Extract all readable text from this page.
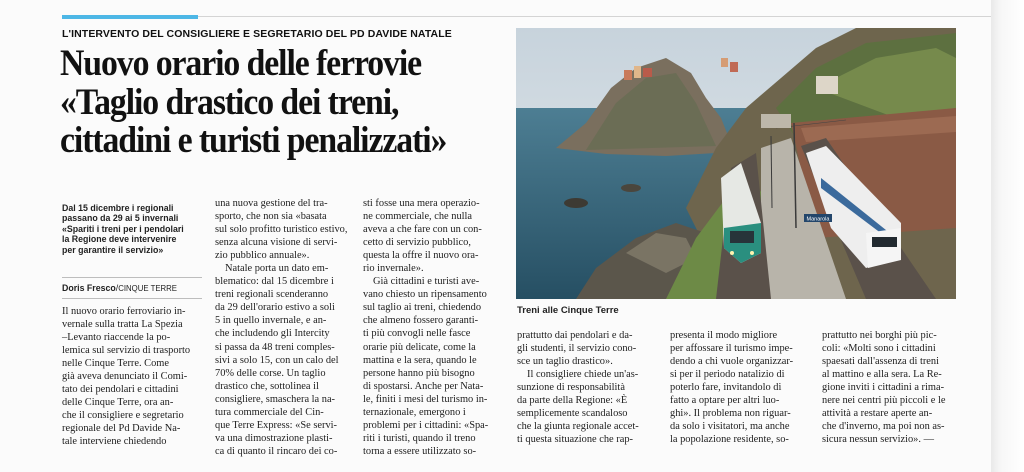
L'INTERVENTO DEL CONSIGLIERE E SEGRETARIO DEL PD DAVIDE NATALE
Nuovo orario delle ferrovie
«Taglio drastico dei treni,
cittadini e turisti penalizzati»
Dal 15 dicembre i regionali
passano da 29 ai 5 invernali
«Spariti i treni per i pendolari
la Regione deve intervenire
per garantire il servizio»
Doris Fresco/CINQUE TERRE
Il nuovo orario ferroviario in-
vernale sulla tratta La Spezia
–Levanto riaccende la po-
lemica sul servizio di trasporto
nelle Cinque Terre. Come
già aveva denunciato il Comi-
tato dei pendolari e cittadini
delle Cinque Terre, ora an-
che il consigliere e segretario
regionale del Pd Davide Na-
tale interviene chiedendo
una nuova gestione del tra-
sporto, che non sia «basata
sul solo profitto turistico estivo,
senza alcuna visione di servi-
zio pubblico annuale».
Natale porta un dato em-
blematico: dal 15 dicembre i
treni regionali scenderanno
da 29 dell'orario estivo a soli
5 in quello invernale, e an-
che includendo gli Intercity
si passa da 48 treni comples-
sivi a solo 15, con un calo del
70% delle corse. Un taglio
drastico che, sottolinea il
consigliere, smaschera la na-
tura commerciale del Cin-
que Terre Express: «Se servi-
va una dimostrazione plasti-
ca di quanto il rincaro dei co-
sti fosse una mera operazio-
ne commerciale, che nulla
aveva a che fare con un con-
cetto di servizio pubblico,
questa la offre il nuovo ora-
rio invernale».
Già cittadini e turisti ave-
vano chiesto un ripensamento
sul taglio ai treni, chiedendo
che almeno fossero garanti-
ti più convogli nelle fasce
orarie più delicate, come la
mattina e la sera, quando le
persone hanno più bisogno
di spostarsi. Anche per Nata-
le, finiti i mesi del turismo in-
ternazionale, emergono i
problemi per i cittadini: «Spa-
riti i turisti, quando il treno
torna a essere utilizzato so-
Manarola
Treni alle Cinque Terre
prattutto dai pendolari e da-
gli studenti, il servizio cono-
sce un taglio drastico».
Il consigliere chiede un'as-
sunzione di responsabilità
da parte della Regione: «È
semplicemente scandaloso
che la giunta regionale accet-
ti questa situazione che rap-
presenta il modo migliore
per affossare il turismo impe-
dendo a chi vuole organizzar-
si per il periodo natalizio di
poterlo fare, invitandolo di
fatto a optare per altri luo-
ghi». Il problema non riguar-
da solo i visitatori, ma anche
la popolazione residente, so-
prattutto nei borghi più pic-
coli: «Molti sono i cittadini
spaesati dall'assenza di treni
al mattino e alla sera. La Re-
gione inviti i cittadini a rima-
nere nei centri più piccoli e le
attività a restare aperte an-
che d'inverno, ma poi non as-
sicura nessun servizio». —
